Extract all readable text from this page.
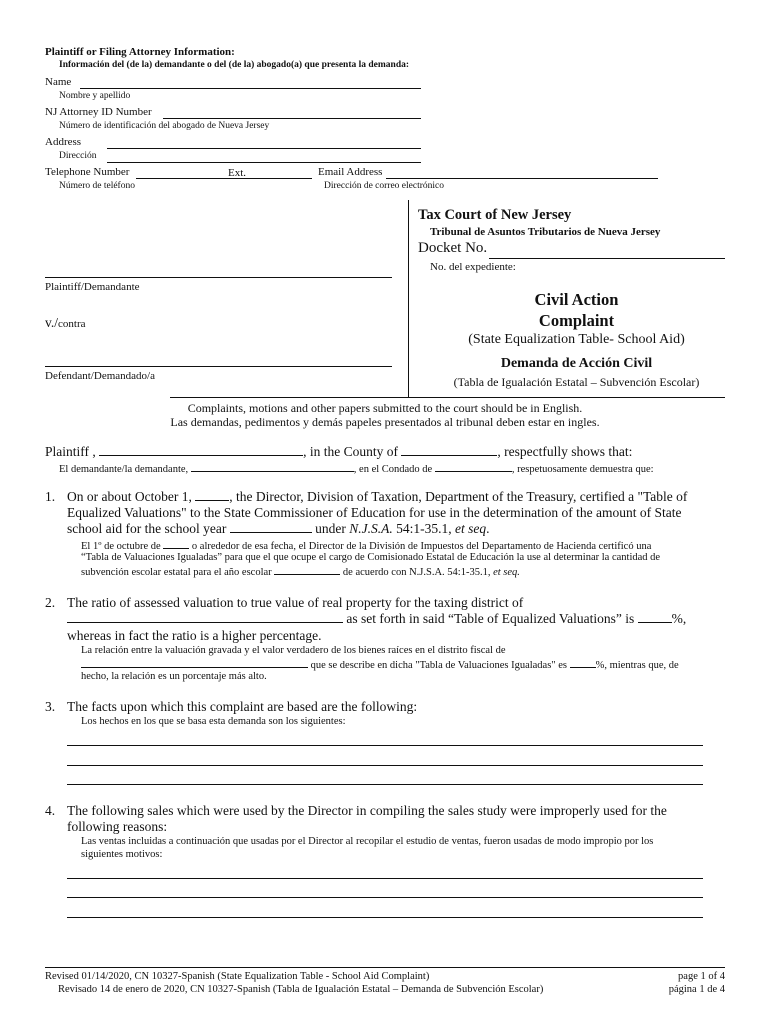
Plaintiff or Filing Attorney Information:
Información del (de la) demandante o del (de la) abogado(a) que presenta la demanda:
Name
Nombre y apellido
NJ Attorney ID Number
Número de identificación del abogado de Nueva Jersey
Address
Dirección
Telephone Number	Ext.	Email Address
Número de teléfono	Dirección de correo electrónico
Plaintiff/Demandante
v./contra
Defendant/Demandado/a
Tax Court of New Jersey
Tribunal de Asuntos Tributarios de Nueva Jersey
Docket No.
No. del expediente:
Civil Action
Complaint
(State Equalization Table- School Aid)
Demanda de Acción Civil
(Tabla de Igualación Estatal – Subvención Escolar)
Complaints, motions and other papers submitted to the court should be in English.
Las demandas, pedimentos y demás papeles presentados al tribunal deben estar en ingles.
Plaintiff ,	, in the County of	, respectfully shows that:
El demandante/la demandante,	, en el Condado de	, respetuosamente demuestra que:
1. On or about October 1,	, the Director, Division of Taxation, Department of the Treasury, certified a "Table of
Equalized Valuations" to the State Commissioner of Education for use in the determination of the amount of State
school aid for the school year	under N.J.S.A. 54:1-35.1, et seq.
El 1º de octubre de	o alrededor de esa fecha, el Director de la División de Impuestos del Departamento de Hacienda certificó una
“Tabla de Valuaciones Igualadas” para que el que ocupe el cargo de Comisionado Estatal de Educación la use al determinar la cantidad de
subvención escolar estatal para el año escolar	de acuerdo con N.J.S.A. 54:1-35.1, et seq.
2. The ratio of assessed valuation to true value of real property for the taxing district of
as set forth in said “Table of Equalized Valuations” is	%,
whereas in fact the ratio is a higher percentage.
La relación entre la valuación gravada y el valor verdadero de los bienes raíces en el distrito fiscal de
que se describe en dicha "Tabla de Valuaciones Igualadas" es	%, mientras que, de
hecho, la relación es un porcentaje más alto.
3. The facts upon which this complaint are based are the following:
Los hechos en los que se basa esta demanda son los siguientes:
4. The following sales which were used by the Director in compiling the sales study were improperly used for the
following reasons:
Las ventas incluidas a continuación que usadas por el Director al recopilar el estudio de ventas, fueron usadas de modo impropio por los
siguientes motivos:
Revised 01/14/2020, CN 10327-Spanish (State Equalization Table - School Aid Complaint)
Revisado 14 de enero de 2020, CN 10327-Spanish (Tabla de Igualación Estatal – Demanda de Subvención Escolar)
page 1 of 4
página 1 de 4
